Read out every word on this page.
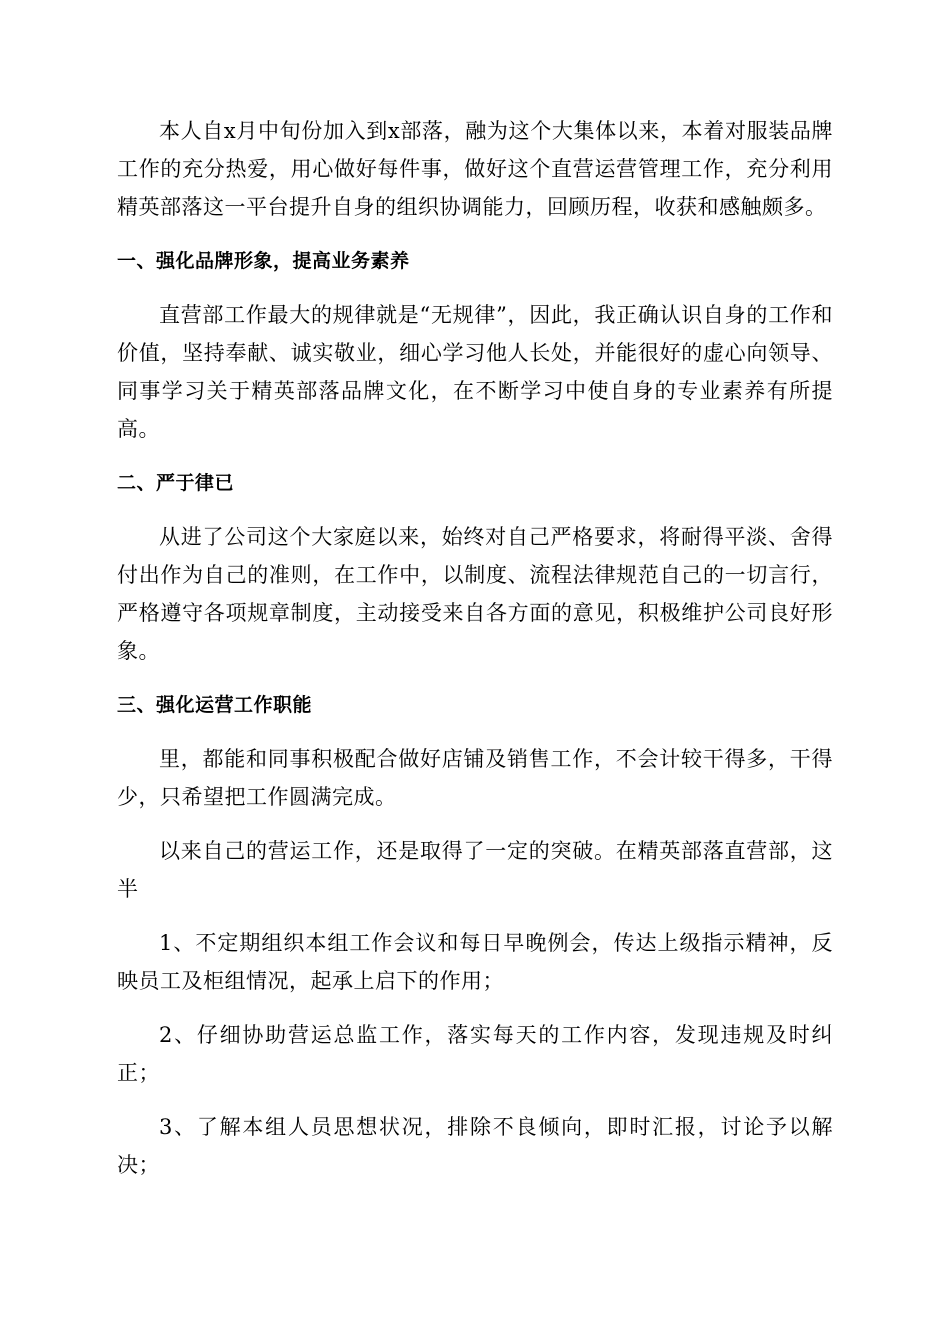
本人自x月中旬份加入到x部落，融为这个大集体以来，本着对服装品牌工作的充分热爱，用心做好每件事，做好这个直营运营管理工作，充分利用精英部落这一平台提升自身的组织协调能力，回顾历程，收获和感触颇多。

一、强化品牌形象，提高业务素养

直营部工作最大的规律就是“无规律”，因此，我正确认识自身的工作和价值，坚持奉献、诚实敬业，细心学习他人长处，并能很好的虚心向领导、同事学习关于精英部落品牌文化，在不断学习中使自身的专业素养有所提高。

二、严于律已

从进了公司这个大家庭以来，始终对自己严格要求，将耐得平淡、舍得付出作为自己的准则，在工作中，以制度、流程法律规范自己的一切言行，严格遵守各项规章制度，主动接受来自各方面的意见，积极维护公司良好形象。

三、强化运营工作职能

里，都能和同事积极配合做好店铺及销售工作，不会计较干得多，干得少，只希望把工作圆满完成。

以来自己的营运工作，还是取得了一定的突破。在精英部落直营部，这半

1、不定期组织本组工作会议和每日早晚例会，传达上级指示精神，反映员工及柜组情况，起承上启下的作用；

2、仔细协助营运总监工作，落实每天的工作内容，发现违规及时纠正；

3、了解本组人员思想状况，排除不良倾向，即时汇报，讨论予以解决；
